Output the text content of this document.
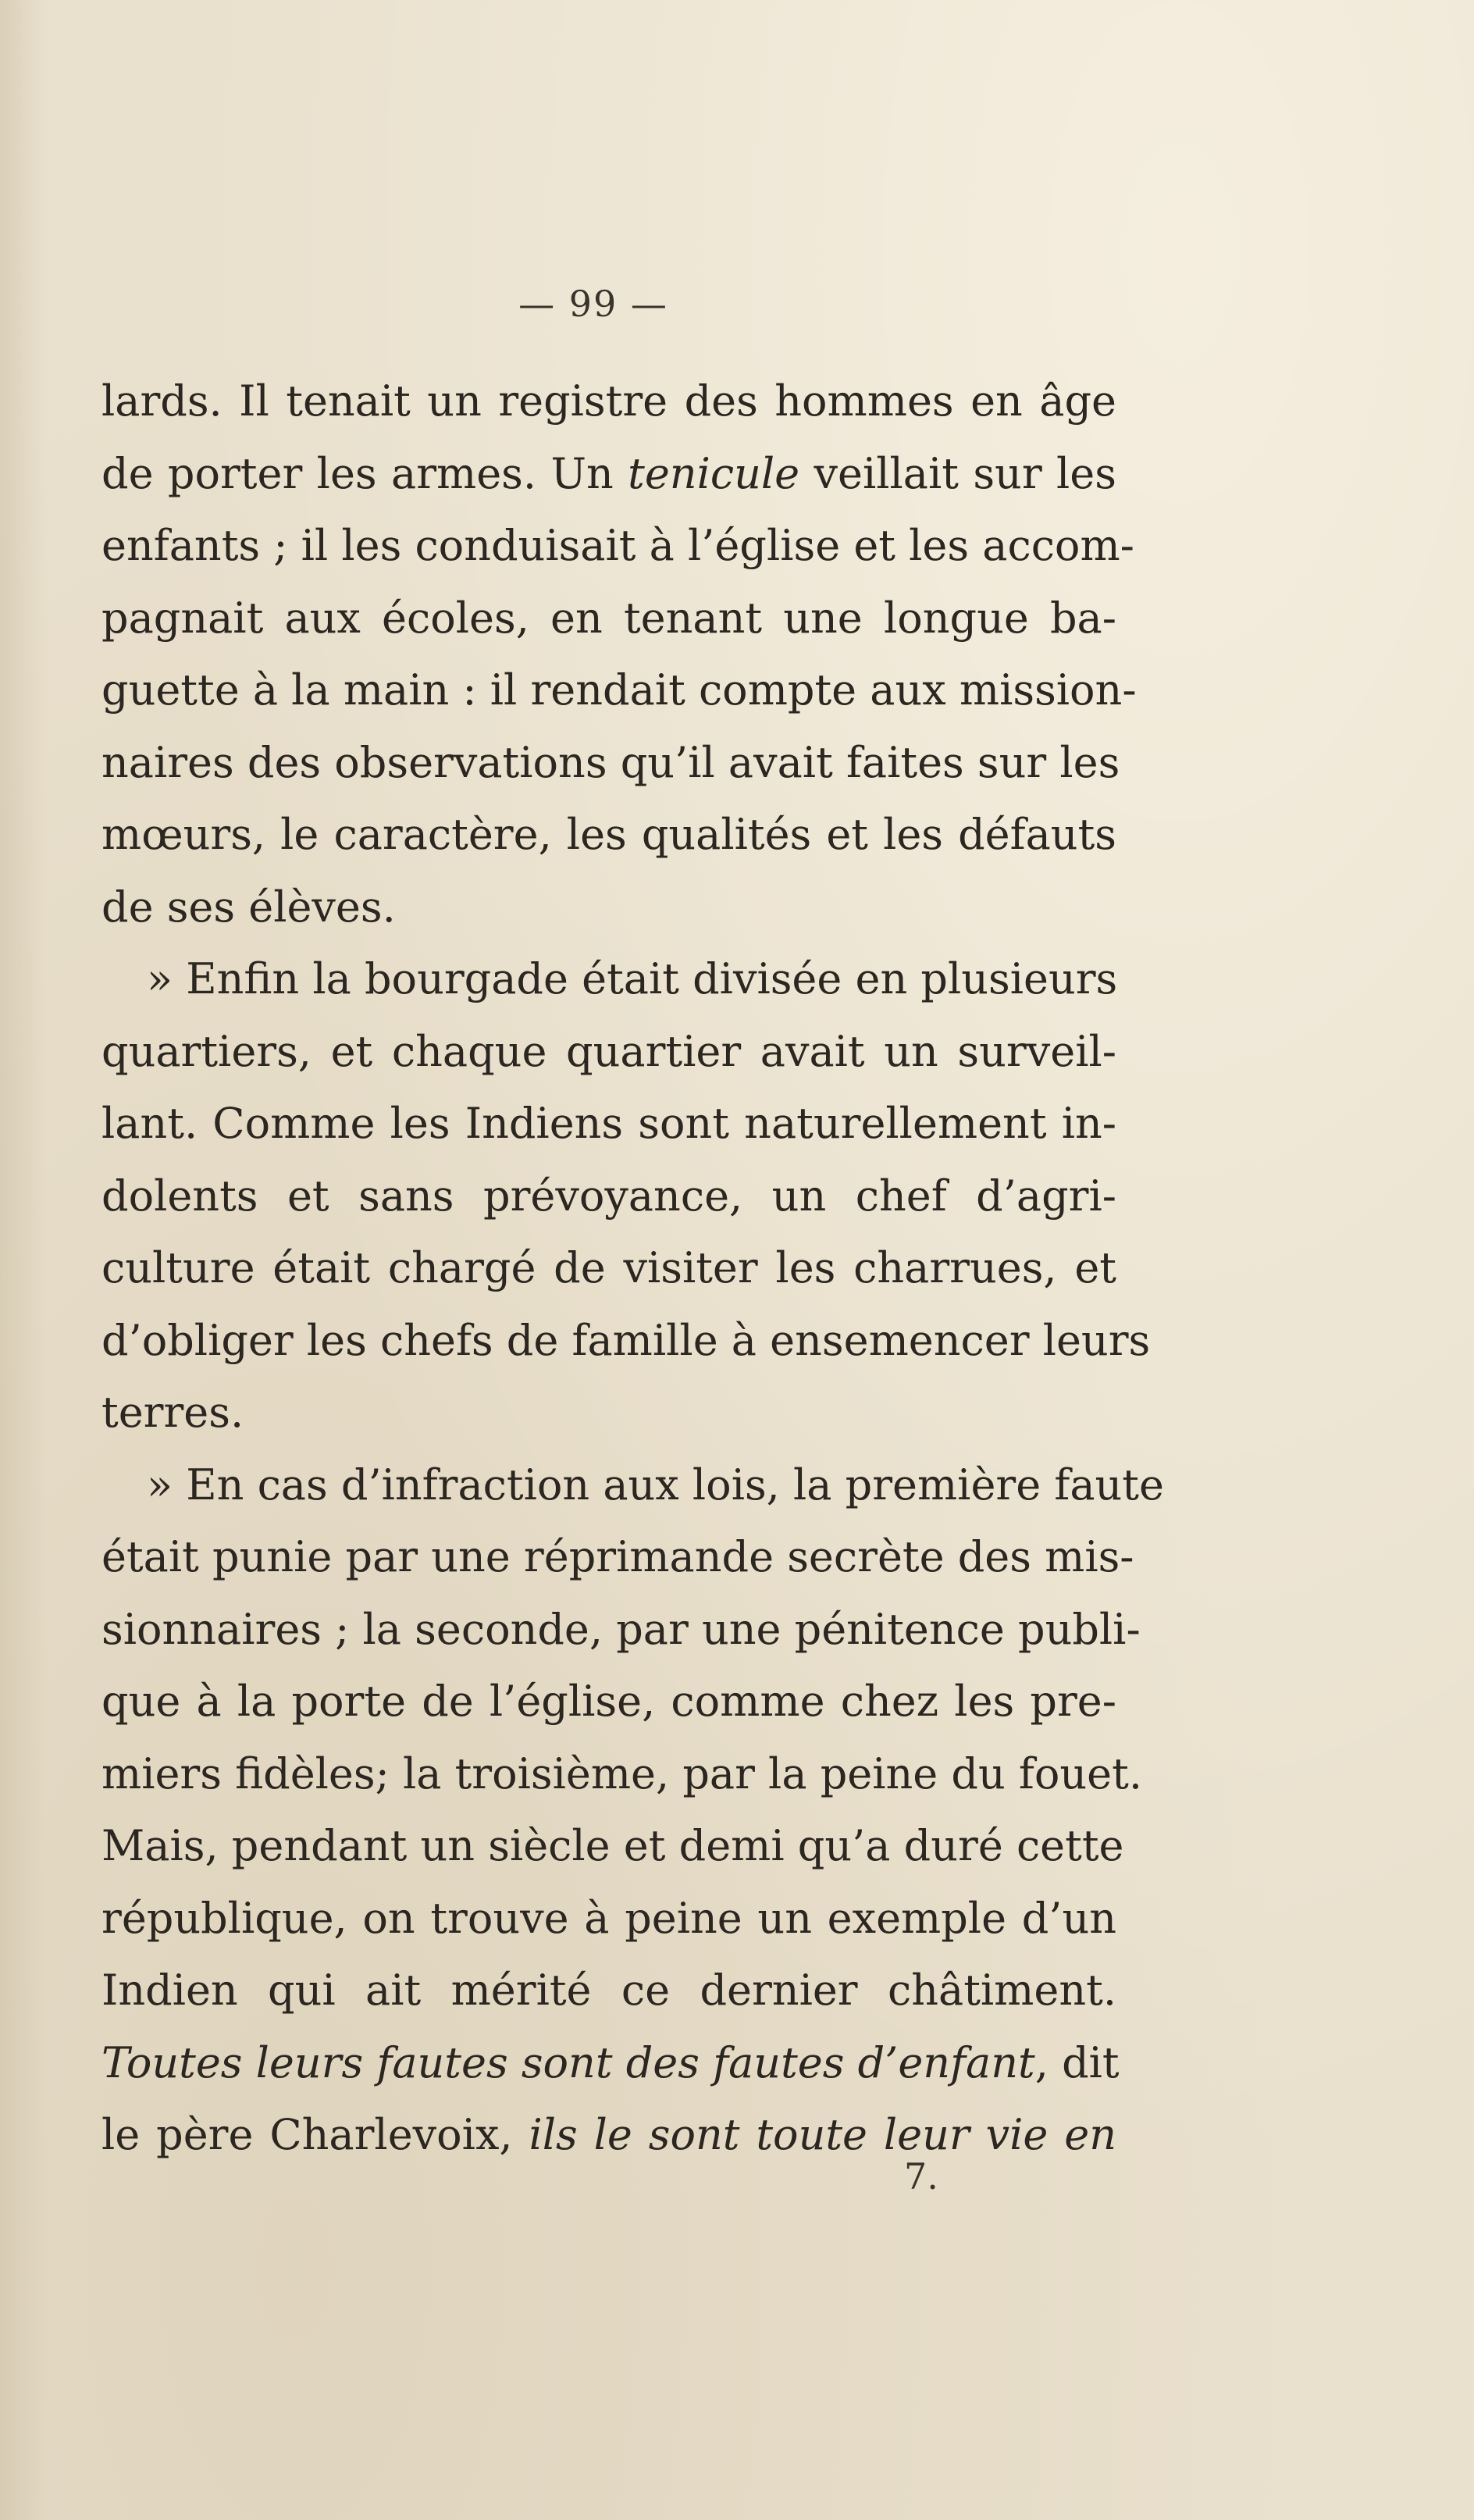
— 99 —
lards. Il tenait un registre des hommes en âge
de porter les armes. Un tenicule veillait sur les
enfants ; il les conduisait à l’église et les accom-
pagnait aux écoles, en tenant une longue ba-
guette à la main : il rendait compte aux mission-
naires des observations qu’il avait faites sur les
mœurs, le caractère, les qualités et les défauts
de ses élèves.
» Enfin la bourgade était divisée en plusieurs
quartiers, et chaque quartier avait un surveil-
lant. Comme les Indiens sont naturellement in-
dolents et sans prévoyance, un chef d’agri-
culture était chargé de visiter les charrues, et
d’obliger les chefs de famille à ensemencer leurs
terres.
» En cas d’infraction aux lois, la première faute
était punie par une réprimande secrète des mis-
sionnaires ; la seconde, par une pénitence publi-
que à la porte de l’église, comme chez les pre-
miers fidèles; la troisième, par la peine du fouet.
Mais, pendant un siècle et demi qu’a duré cette
république, on trouve à peine un exemple d’un
Indien qui ait mérité ce dernier châtiment.
Toutes leurs fautes sont des fautes d’enfant, dit
le père Charlevoix, ils le sont toute leur vie en
7.
